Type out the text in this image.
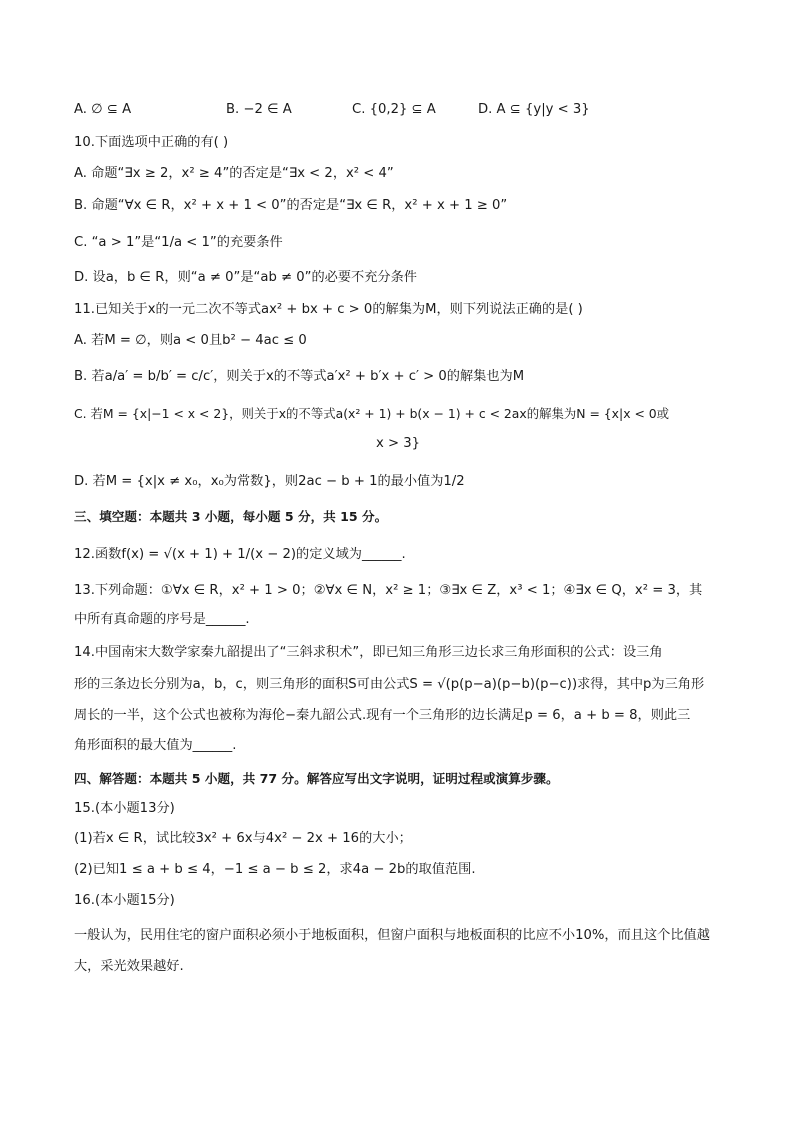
A. ∅ ⊆ A	B. −2 ∈ A	C. {0,2} ⊆ A	D. A ⊆ {y|y < 3}
10.下面选项中正确的有( )
A. 命题“∃x ≥ 2，x² ≥ 4”的否定是“∃x < 2，x² < 4”
B. 命题“∀x ∈ R，x² + x + 1 < 0”的否定是“∃x ∈ R，x² + x + 1 ≥ 0”
C. “a > 1”是“1/a < 1”的充要条件
D. 设a，b ∈ R，则“a ≠ 0”是“ab ≠ 0”的必要不充分条件
11.已知关于x的一元二次不等式ax² + bx + c > 0的解集为M，则下列说法正确的是( )
A. 若M = ∅，则a < 0且b² − 4ac ≤ 0
B. 若a/a′ = b/b′ = c/c′，则关于x的不等式a′x² + b′x + c′ > 0的解集也为M
C. 若M = {x|−1 < x < 2}，则关于x的不等式a(x² + 1) + b(x − 1) + c < 2ax的解集为N = {x|x < 0或
x > 3}
D. 若M = {x|x ≠ x₀，x₀为常数}，则2ac − b + 1的最小值为1/2
三、填空题：本题共 3 小题，每小题 5 分，共 15 分。
12.函数f(x) = √(x + 1) + 1/(x − 2)的定义域为______.
13.下列命题：①∀x ∈ R，x² + 1 > 0；②∀x ∈ N，x² ≥ 1；③∃x ∈ Z，x³ < 1；④∃x ∈ Q，x² = 3，其
中所有真命题的序号是______.
14.中国南宋大数学家秦九韶提出了“三斜求积术”，即已知三角形三边长求三角形面积的公式：设三角
形的三条边长分别为a，b，c，则三角形的面积S可由公式S = √(p(p−a)(p−b)(p−c))求得，其中p为三角形
周长的一半，这个公式也被称为海伦−秦九韶公式.现有一个三角形的边长满足p = 6，a + b = 8，则此三
角形面积的最大值为______.
四、解答题：本题共 5 小题，共 77 分。解答应写出文字说明，证明过程或演算步骤。
15.(本小题13分)
(1)若x ∈ R，试比较3x² + 6x与4x² − 2x + 16的大小；
(2)已知1 ≤ a + b ≤ 4，−1 ≤ a − b ≤ 2，求4a − 2b的取值范围.
16.(本小题15分)
一般认为，民用住宅的窗户面积必须小于地板面积，但窗户面积与地板面积的比应不小10%，而且这个比值越大，采光效果越好.
